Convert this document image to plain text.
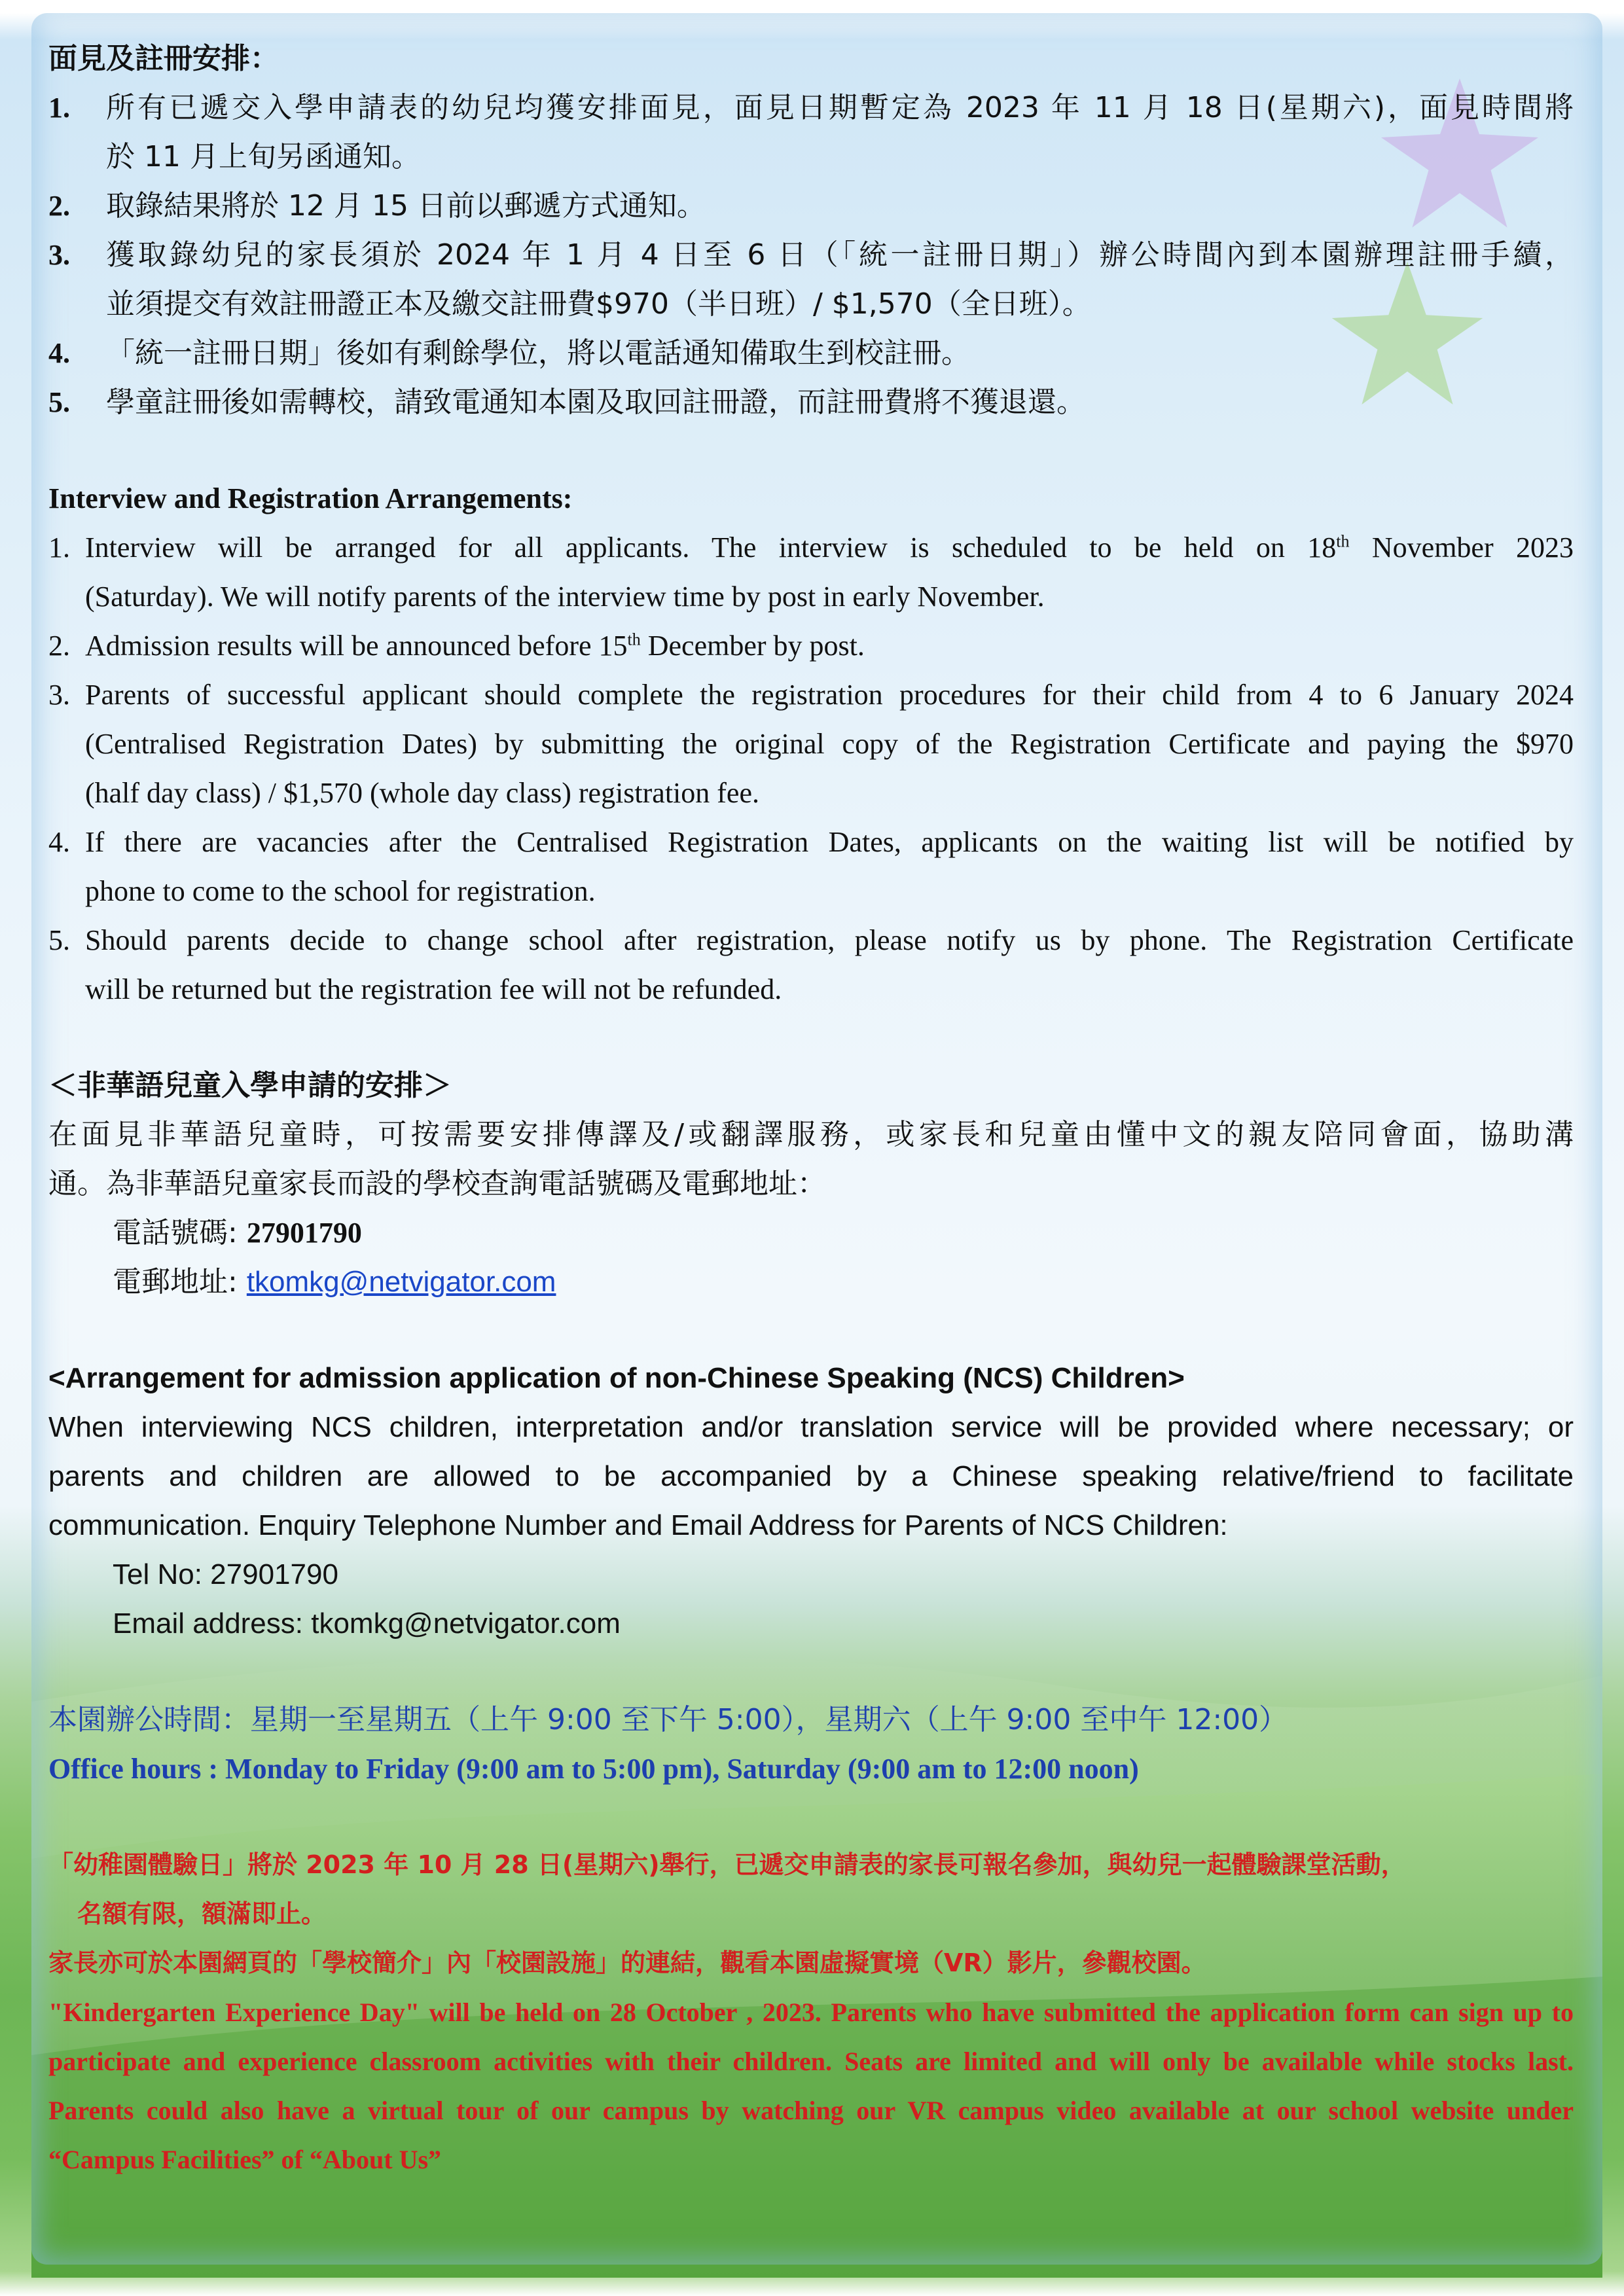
面見及註冊安排：

1.	所有已遞交入學申請表的幼兒均獲安排面見，面見日期暫定為 2023 年 11 月 18 日(星期六)，面見時間將
於 11 月上旬另函通知。
2.	取錄結果將於 12 月 15 日前以郵遞方式通知。
3.	獲取錄幼兒的家長須於 2024 年 1 月 4 日至 6 日（「統一註冊日期」）辦公時間內到本園辦理註冊手續，
並須提交有效註冊證正本及繳交註冊費$970（半日班）/ $1,570（全日班）。
4.	「統一註冊日期」後如有剩餘學位，將以電話通知備取生到校註冊。
5.	學童註冊後如需轉校，請致電通知本園及取回註冊證，而註冊費將不獲退還。

Interview and Registration Arrangements:

1. Interview will be arranged for all applicants. The interview is scheduled to be held on 18th November 2023
(Saturday). We will notify parents of the interview time by post in early November.
2. Admission results will be announced before 15th December by post.
3. Parents of successful applicant should complete the registration procedures for their child from 4 to 6 January 2024
(Centralised Registration Dates) by submitting the original copy of the Registration Certificate and paying the $970
(half day class) / $1,570 (whole day class) registration fee.
4. If there are vacancies after the Centralised Registration Dates, applicants on the waiting list will be notified by
phone to come to the school for registration.
5. Should parents decide to change school after registration, please notify us by phone. The Registration Certificate
will be returned but the registration fee will not be refunded.

＜非華語兒童入學申請的安排＞

在面見非華語兒童時，可按需要安排傳譯及/或翻譯服務，或家長和兒童由懂中文的親友陪同會面，協助溝

通。為非華語兒童家長而設的學校查詢電話號碼及電郵地址：

電話號碼: 27901790

電郵地址: tkomkg@netvigator.com

<Arrangement for admission application of non-Chinese Speaking (NCS) Children>

When interviewing NCS children, interpretation and/or translation service will be provided where necessary; or

parents and children are allowed to be accompanied by a Chinese speaking relative/friend to facilitate

communication. Enquiry Telephone Number and Email Address for Parents of NCS Children:

Tel No: 27901790

Email address: tkomkg@netvigator.com

本園辦公時間：星期一至星期五（上午 9:00 至下午 5:00），星期六（上午 9:00 至中午 12:00）

Office hours : Monday to Friday (9:00 am to 5:00 pm), Saturday (9:00 am to 12:00 noon)

「幼稚園體驗日」將於 2023 年 10 月 28 日(星期六)舉行，已遞交申請表的家長可報名參加，與幼兒一起體驗課堂活動，

名額有限，額滿即止。

家長亦可於本園網頁的「學校簡介」內「校園設施」的連結，觀看本園虛擬實境（VR）影片，參觀校園。

"Kindergarten Experience Day" will be held on 28 October , 2023. Parents who have submitted the application form can sign up to

participate and experience classroom activities with their children. Seats are limited and will only be available while stocks last.

Parents could also have a virtual tour of our campus by watching our VR campus video available at our school website under

“Campus Facilities” of “About Us”
